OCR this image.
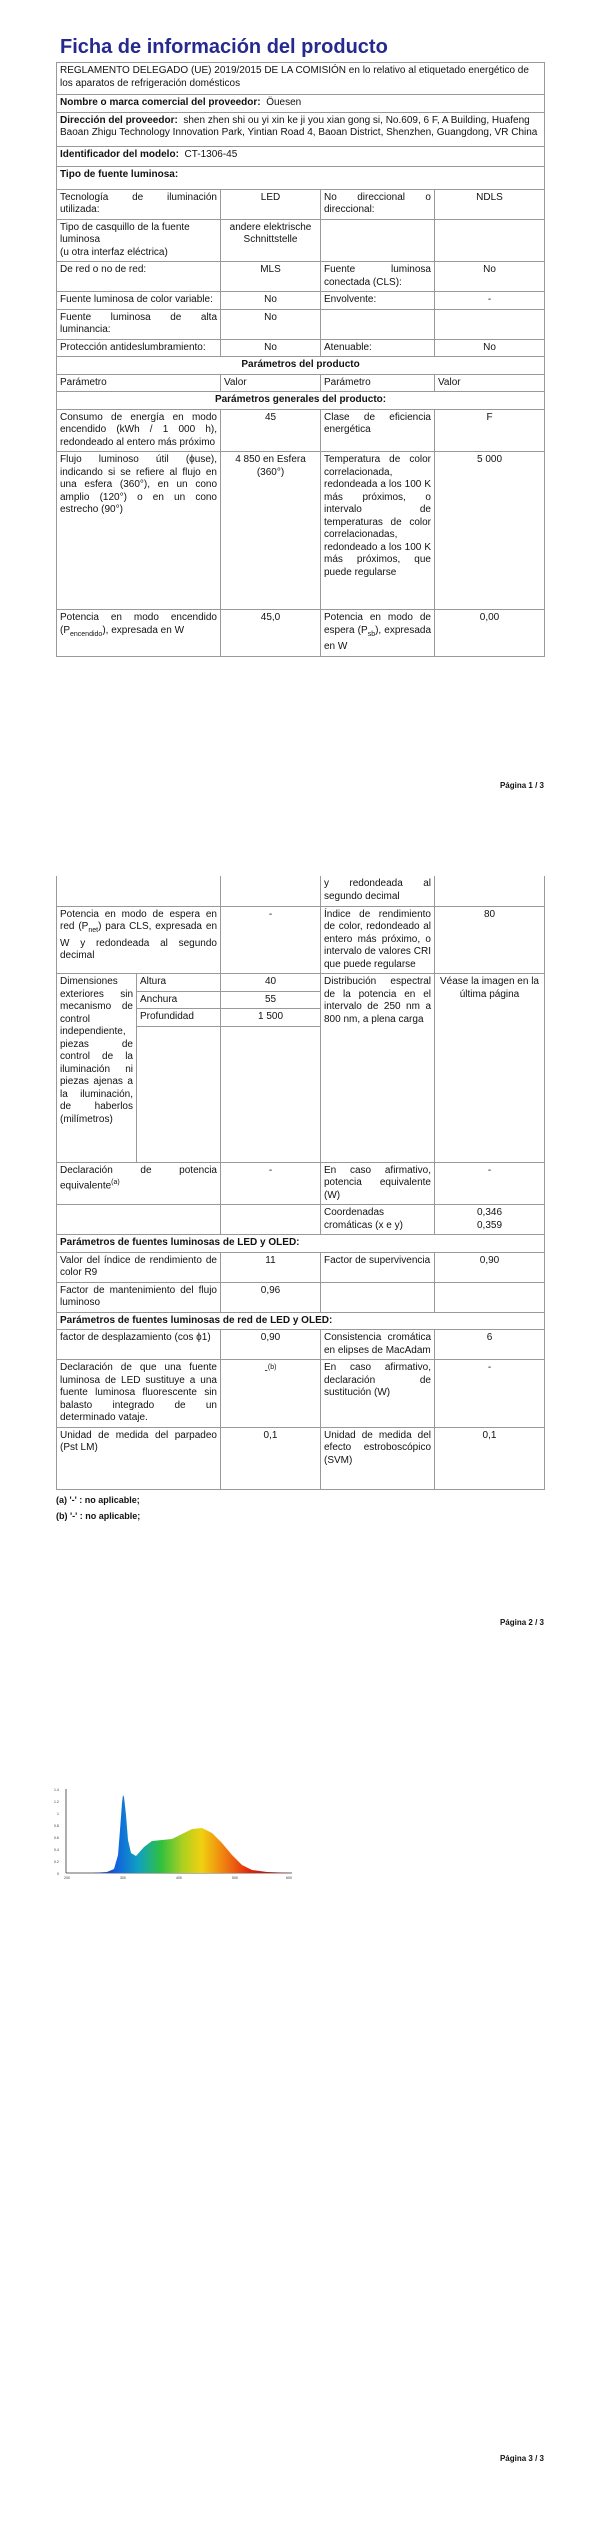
Ficha de información del producto
REGLAMENTO DELEGADO (UE) 2019/2015 DE LA COMISIÓN en lo relativo al etiquetado energético de los aparatos de refrigeración domésticos			
Nombre o marca comercial del proveedor: Öuesen			
Dirección del proveedor: shen zhen shi ou yi xin ke ji you xian gong si, No.609, 6 F, A Building, Huafeng Baoan Zhigu Technology Innovation Park, Yintian Road 4, Baoan District, Shenzhen, Guangdong, VR China			
Identificador del modelo: CT-1306-45			
Tipo de fuente luminosa:			
Tecnología de iluminación utilizada:	LED	No direccional o direccional:	NDLS
Tipo de casquillo de la fuente luminosa
(u otra interfaz eléctrica)	andere elektrische Schnittstelle		
De red o no de red:	MLS	Fuente luminosa conectada (CLS):	No
Fuente luminosa de color variable:	No	Envolvente:	-
Fuente luminosa de alta luminancia:	No		
Protección antideslumbramiento:	No	Atenuable:	No
Parámetros del producto			
Parámetro	Valor	Parámetro	Valor
Parámetros generales del producto:			
Consumo de energía en modo encendido (kWh / 1 000 h), redondeado al entero más próximo	45	Clase de eficiencia energética	F
Flujo luminoso útil (ϕuse), indicando si se refiere al flujo en una esfera (360°), en un cono amplio (120°) o en un cono estrecho (90°)	4 850 en Esfera (360°)	Temperatura de color correlacionada, redondeada a los 100 K más próximos, o intervalo de temperaturas de color correlacionadas, redondeado a los 100 K más próximos, que puede regularse	5 000
Potencia en modo encendido $(P_{encendido})$, expresada en W	45,0	Potencia en modo de espera $(P_{sb})$, expresada en W	0,00
Página 1 / 3
			y redondeada al segundo decimal	
Potencia en modo de espera en red $(P_{net})$ para CLS, expresada en W y redondeada al segundo decimal		-	Índice de rendimiento de color, redondeado al entero más próximo, o intervalo de valores CRI que puede regularse	80
Dimensiones exteriores sin mecanismo de control independiente, piezas de control de la iluminación ni piezas ajenas a la iluminación, de haberlos (milímetros)	Altura	40	Distribución espectral de la potencia en el intervalo de 250 nm a 800 nm, a plena carga	Véase la imagen en la última página
	Anchura	55		
	Profundidad	1 500		

Declaración de potencia equivalente$^{(a)}$		-	En caso afirmativo, potencia equivalente (W)	-
			Coordenadas cromáticas (x e y)	0,346
0,359
Parámetros de fuentes luminosas de LED y OLED:				
Valor del índice de rendimiento de color R9		11	Factor de supervivencia	0,90
Factor de mantenimiento del flujo luminoso		0,96		
Parámetros de fuentes luminosas de red de LED y OLED:				
factor de desplazamiento (cos ϕ1)		0,90	Consistencia cromática en elipses de MacAdam	6
Declaración de que una fuente luminosa de LED sustituye a una fuente luminosa fluorescente sin balasto integrado de un determinado vataje.		-$^{(b)}$	En caso afirmativo, declaración de sustitución (W)	-
Unidad de medida del parpadeo (Pst LM)		0,1	Unidad de medida del efecto estroboscópico (SVM)	0,1
(a) '-' : no aplicable;
(b) '-' : no aplicable;
Página 2 / 3
1.4
1.2
1
0.8
0.6
0.4
0.2
0
200	300	400	500	600
Página 3 / 3
